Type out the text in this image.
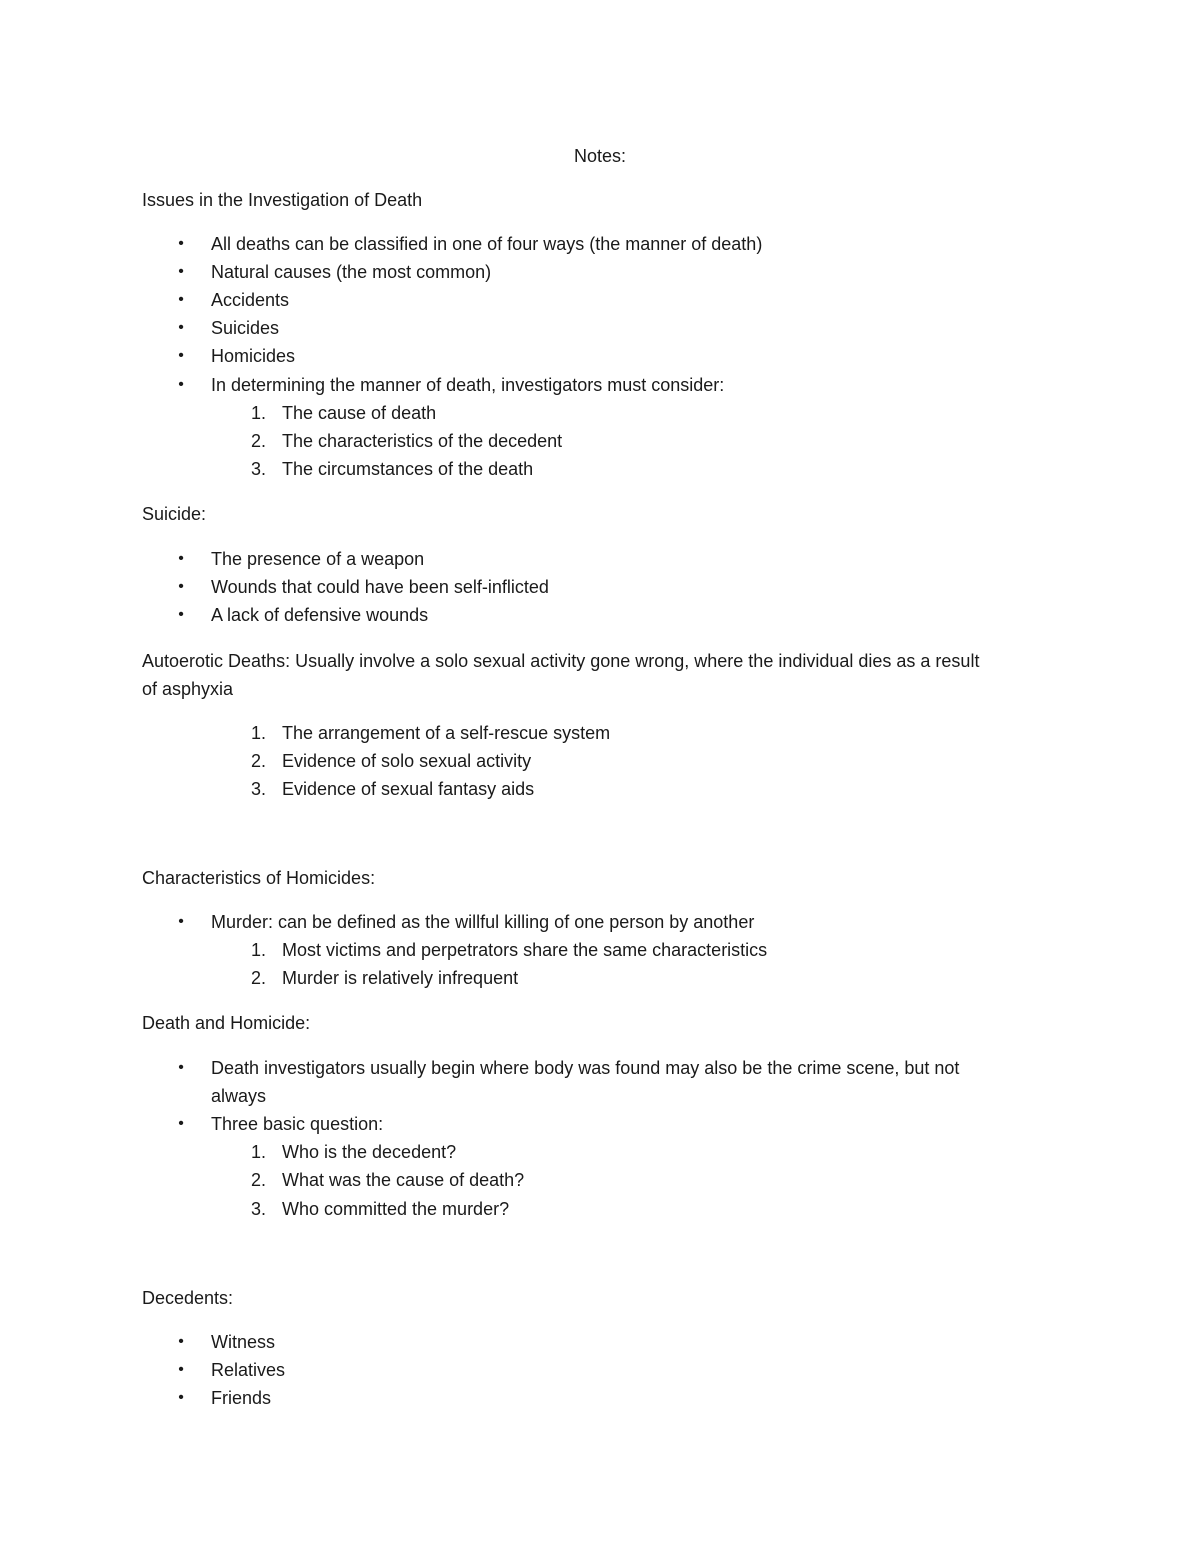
Notes:
Issues in the Investigation of Death
• All deaths can be classified in one of four ways (the manner of death)
• Natural causes (the most common)
• Accidents
• Suicides
• Homicides
• In determining the manner of death, investigators must consider:
1. The cause of death
2. The characteristics of the decedent
3. The circumstances of the death
Suicide:
• The presence of a weapon
• Wounds that could have been self-inflicted
• A lack of defensive wounds
Autoerotic Deaths: Usually involve a solo sexual activity gone wrong, where the individual dies as a result
of asphyxia
1. The arrangement of a self-rescue system
2. Evidence of solo sexual activity
3. Evidence of sexual fantasy aids
Characteristics of Homicides:
• Murder: can be defined as the willful killing of one person by another
1. Most victims and perpetrators share the same characteristics
2. Murder is relatively infrequent
Death and Homicide:
• Death investigators usually begin where body was found may also be the crime scene, but not
always
• Three basic question:
1. Who is the decedent?
2. What was the cause of death?
3. Who committed the murder?
Decedents:
• Witness
• Relatives
• Friends
